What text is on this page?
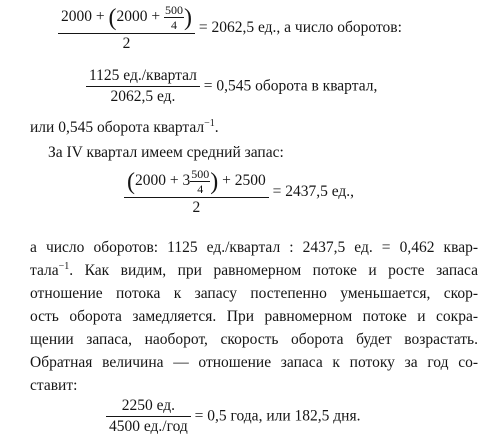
$\frac{2000 + (2000 + \frac{500}{4} )}{2} = 2062,5$ ед., а число оборотов:
$\frac{\text{1125 ед./квартал}}{2062,5 ед.} = 0,545$ оборота в квартал,
или 0,545 оборота квартал$^{-1}$.
За IV квартал имеем средний запас:
$\frac{(2000 + 3 \frac{500}{4} ) + 2500}{2} = 2437,5$ ед.,
а число оборотов: 1125 ед./квартал : 2437,5 ед. = 0,462 квар-
тала$^{-1}$. Как видим, при равномерном потоке и росте запаса
отношение потока к запасу постепенно уменьшается, скор-
ость оборота замедляется. При равномерном потоке и сокра-
щении запаса, наоборот, скорость оборота будет возрастать.
Обратная величина — отношение запаса к потоку за год со-
ставит:
$\frac{2250 ед.}{\text{4500 ед./год}} = 0,5$ года, или 182,5 дня.
